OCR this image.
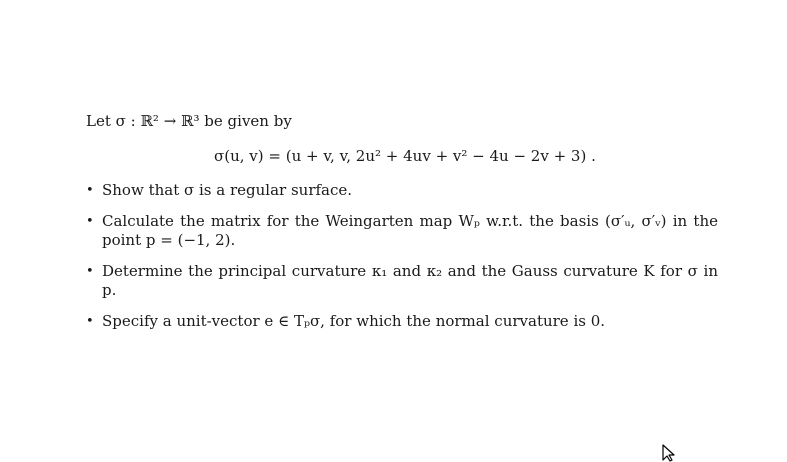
Let σ : ℝ² → ℝ³ be given by
σ(u, v) = (u + v, v, 2u² + 4uv + v² − 4u − 2v + 3) .
• Show that σ is a regular surface.
• Calculate the matrix for the Weingarten map Wₚ w.r.t. the basis (σ′ᵤ, σ′ᵥ) in the point p = (−1, 2).
• Determine the principal curvature κ₁ and κ₂ and the Gauss curvature K for σ in p.
• Specify a unit-vector e ∈ Tₚσ, for which the normal curvature is 0.
